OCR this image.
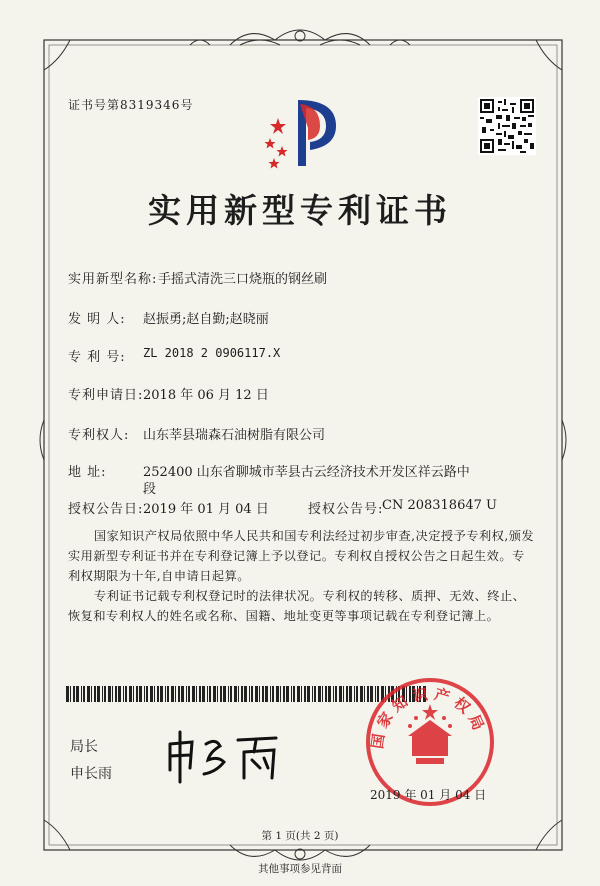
证书号第8319346号
实用新型专利证书
实用新型名称: 手摇式清洗三口烧瓶的钢丝刷
发 明 人: 赵振勇;赵自勤;赵晓丽
专 利 号: ZL 2018 2 0906117.X
专利申请日: 2018 年 06 月 12 日
专利权人: 山东莘县瑞森石油树脂有限公司
地 址:	252400 山东省聊城市莘县古云经济技术开发区祥云路中
段
授权公告日: 2019 年 01 月 04 日	授权公告号:
CN 208318647 U
国家知识产权局依照中华人民共和国专利法经过初步审查,决定授予专利权,颁发实用新型专利证书并在专利登记簿上予以登记。专利权自授权公告之日起生效。专利权期限为十年,自申请日起算。
专利证书记载专利权登记时的法律状况。专利权的转移、质押、无效、终止、恢复和专利权人的姓名或名称、国籍、地址变更等事项记载在专利登记簿上。
局长
申长雨
国家知识产权局
2019 年 01 月 04 日
第 1 页(共 2 页)
其他事项参见背面
